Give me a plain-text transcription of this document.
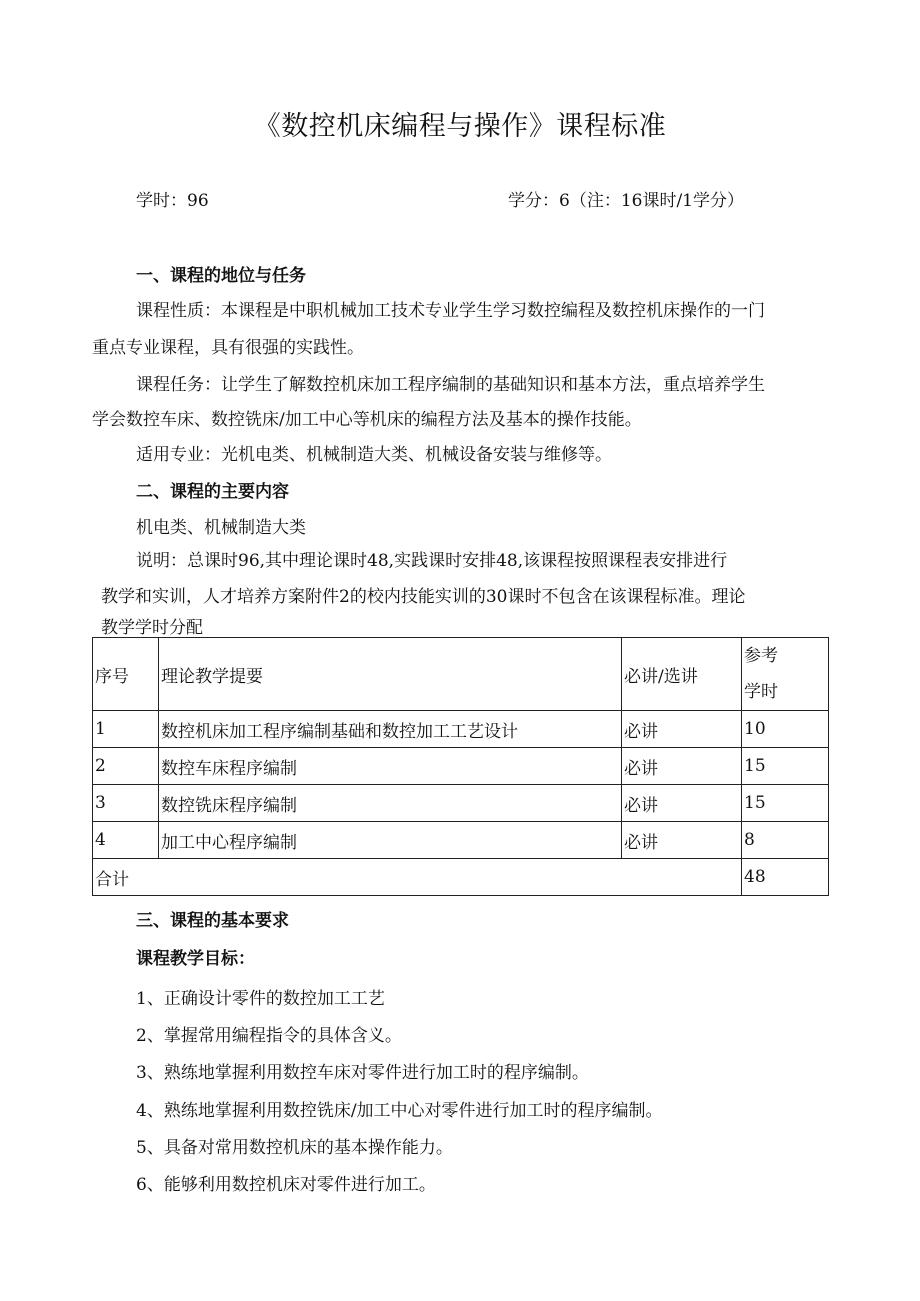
《数控机床编程与操作》课程标准
学时：96	学分：6（注：16课时/1学分）
一、课程的地位与任务
课程性质：本课程是中职机械加工技术专业学生学习数控编程及数控机床操作的一门
重点专业课程，具有很强的实践性。
课程任务：让学生了解数控机床加工程序编制的基础知识和基本方法，重点培养学生
学会数控车床、数控铣床/加工中心等机床的编程方法及基本的操作技能。
适用专业：光机电类、机械制造大类、机械设备安装与维修等。
二、课程的主要内容
机电类、机械制造大类
说明：总课时96,其中理论课时48,实践课时安排48,该课程按照课程表安排进行
教学和实训，人才培养方案附件2的校内技能实训的30课时不包含在该课程标准。理论
教学学时分配
序号	理论教学提要	必讲/选讲	参考
学时
1	数控机床加工程序编制基础和数控加工工艺设计	必讲	10
2	数控车床程序编制	必讲	15
3	数控铣床程序编制	必讲	15
4	加工中心程序编制	必讲	8
合计			48
三、课程的基本要求
课程教学目标：
1、正确设计零件的数控加工工艺
2、掌握常用编程指令的具体含义。
3、熟练地掌握利用数控车床对零件进行加工时的程序编制。
4、熟练地掌握利用数控铣床/加工中心对零件进行加工时的程序编制。
5、具备对常用数控机床的基本操作能力。
6、能够利用数控机床对零件进行加工。
